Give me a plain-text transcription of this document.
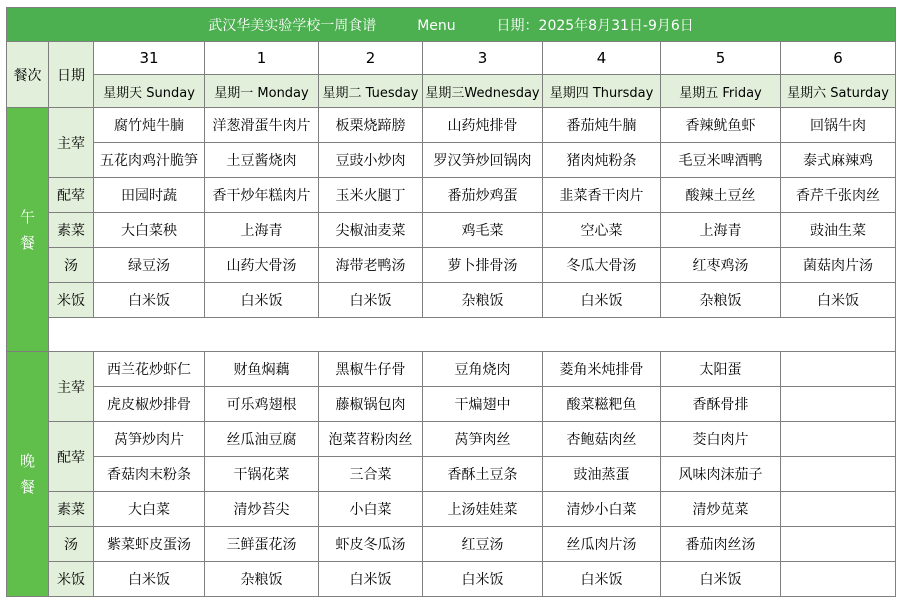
武汉华美实验学校一周食谱 Menu 日期：2025年8月31日-9月6日								
餐次	日期	31	1	2	3	4	5	6
		星期天 Sunday	星期一 Monday	星期二 Tuesday	星期三Wednesday	星期四 Thursday	星期五 Friday	星期六 Saturday

午
餐	主荤	腐竹炖牛腩	洋葱滑蛋牛肉片	板栗烧蹄膀	山药炖排骨	番茄炖牛腩	香辣鱿鱼虾	回锅牛肉
		五花肉鸡汁脆笋	土豆酱烧肉	豆豉小炒肉	罗汉笋炒回锅肉	猪肉炖粉条	毛豆米啤酒鸭	泰式麻辣鸡
	配荤	田园时蔬	香干炒年糕肉片	玉米火腿丁	番茄炒鸡蛋	韭菜香干肉片	酸辣土豆丝	香芹千张肉丝
	素菜	大白菜秧	上海青	尖椒油麦菜	鸡毛菜	空心菜	上海青	豉油生菜
	汤	绿豆汤	山药大骨汤	海带老鸭汤	萝卜排骨汤	冬瓜大骨汤	红枣鸡汤	菌菇肉片汤
	米饭	白米饭	白米饭	白米饭	杂粮饭	白米饭	杂粮饭	白米饭

晚
餐	主荤	西兰花炒虾仁	财鱼焖藕	黑椒牛仔骨	豆角烧肉	菱角米炖排骨	太阳蛋	
		虎皮椒炒排骨	可乐鸡翅根	藤椒锅包肉	干煸翅中	酸菜糍粑鱼	香酥骨排	
	配荤	莴笋炒肉片	丝瓜油豆腐	泡菜苕粉肉丝	莴笋肉丝	杏鲍菇肉丝	茭白肉片	
		香菇肉末粉条	干锅花菜	三合菜	香酥土豆条	豉油蒸蛋	风味肉沫茄子	
	素菜	大白菜	清炒苔尖	小白菜	上汤娃娃菜	清炒小白菜	清炒苋菜	
	汤	紫菜虾皮蛋汤	三鲜蛋花汤	虾皮冬瓜汤	红豆汤	丝瓜肉片汤	番茄肉丝汤	
	米饭	白米饭	杂粮饭	白米饭	白米饭	白米饭	白米饭	
